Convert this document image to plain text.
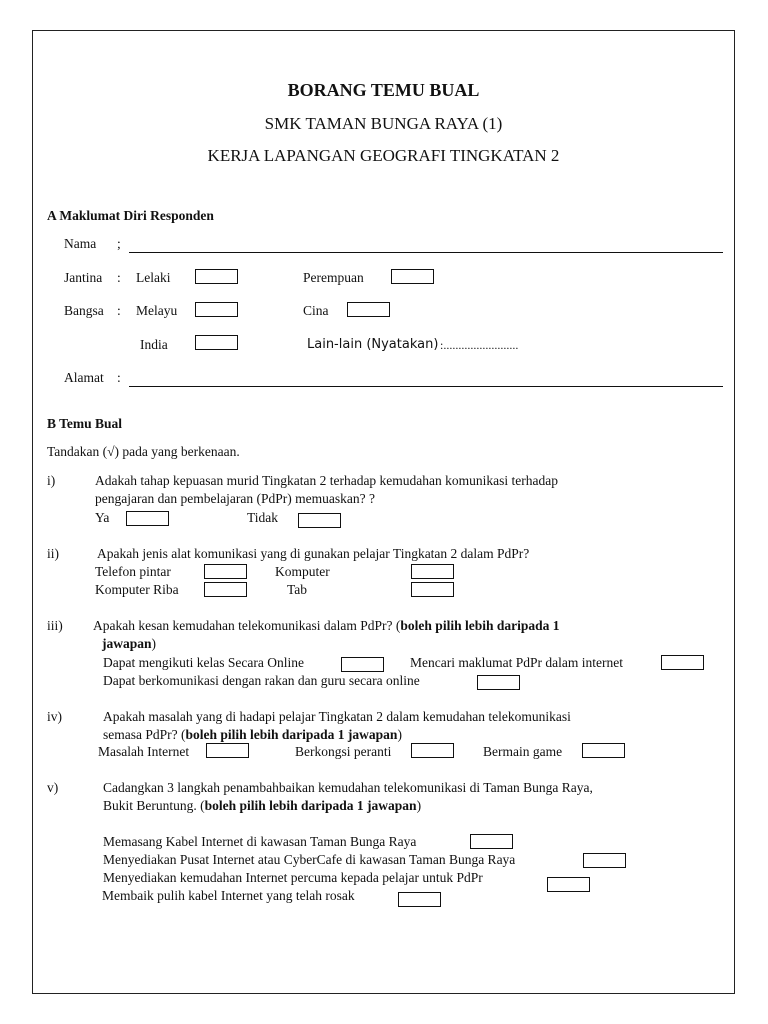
BORANG TEMU BUAL
SMK TAMAN BUNGA RAYA (1)
KERJA LAPANGAN GEOGRAFI TINGKATAN 2
A Maklumat Diri Responden
Nama ;
Jantina : Lelaki	Perempuan
Bangsa : Melayu	Cina
India	Lain-lain (Nyatakan) :.........................
Alamat :
B Temu Bual
Tandakan (√) pada yang berkenaan.
i)	Adakah tahap kepuasan murid Tingkatan 2 terhadap kemudahan komunikasi terhadap
pengajaran dan pembelajaran (PdPr) memuaskan? ?
Ya	Tidak
ii)	Apakah jenis alat komunikasi yang di gunakan pelajar Tingkatan 2 dalam PdPr?
Telefon pintar	Komputer
Komputer Riba	Tab
iii) Apakah kesan kemudahan telekomunikasi dalam PdPr? (boleh pilih lebih daripada 1
jawapan)
Dapat mengikuti kelas Secara Online	Mencari maklumat PdPr dalam internet
Dapat berkomunikasi dengan rakan dan guru secara online
iv)	Apakah masalah yang di hadapi pelajar Tingkatan 2 dalam kemudahan telekomunikasi
semasa PdPr? (boleh pilih lebih daripada 1 jawapan)
Masalah Internet	Berkongsi peranti	Bermain game
v)	Cadangkan 3 langkah penambahbaikan kemudahan telekomunikasi di Taman Bunga Raya,
Bukit Beruntung. (boleh pilih lebih daripada 1 jawapan)
Memasang Kabel Internet di kawasan Taman Bunga Raya
Menyediakan Pusat Internet atau CyberCafe di kawasan Taman Bunga Raya
Menyediakan kemudahan Internet percuma kepada pelajar untuk PdPr
Membaik pulih kabel Internet yang telah rosak
